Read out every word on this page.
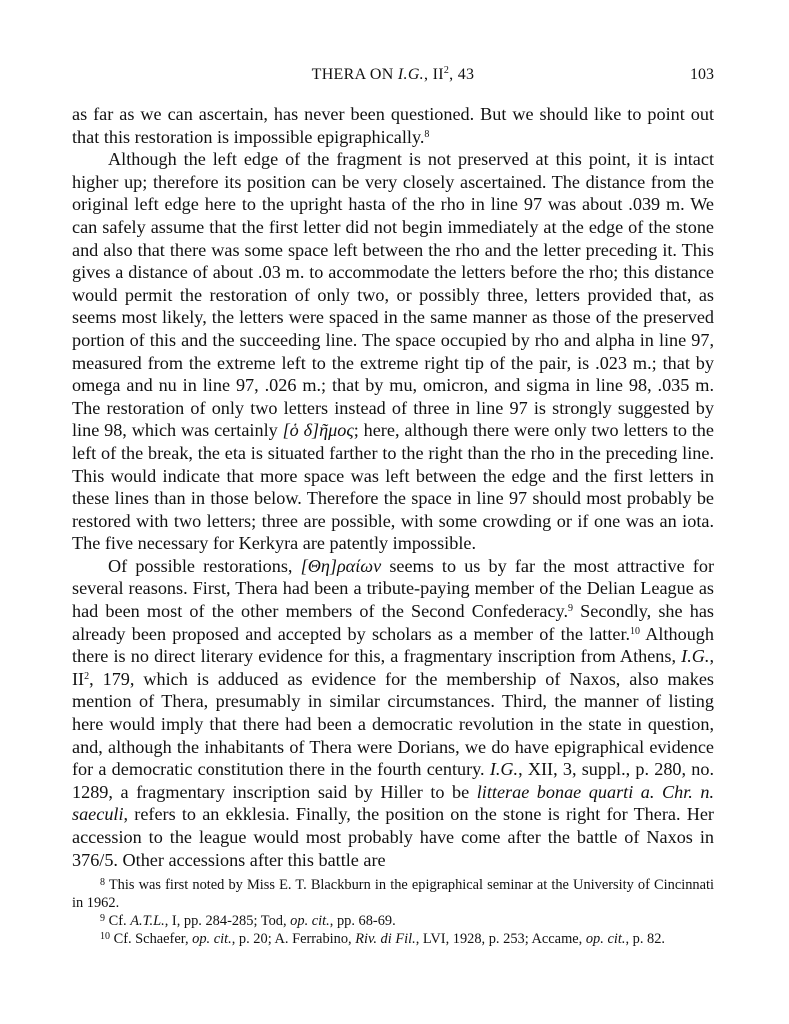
THERA ON I.G., $II^2$, 43	103

as far as we can ascertain, has never been questioned. But we should like to point out that this restoration is impossible epigraphically.$^8$

Although the left edge of the fragment is not preserved at this point, it is intact higher up; therefore its position can be very closely ascertained. The distance from the original left edge here to the upright hasta of the rho in line 97 was about .039 m. We can safely assume that the first letter did not begin immediately at the edge of the stone and also that there was some space left between the rho and the letter preceding it. This gives a distance of about .03 m. to accommodate the letters before the rho; this distance would permit the restoration of only two, or possibly three, letters provided that, as seems most likely, the letters were spaced in the same manner as those of the preserved portion of this and the succeeding line. The space occupied by rho and alpha in line 97, measured from the extreme left to the extreme right tip of the pair, is .023 m.; that by omega and nu in line 97, .026 m.; that by mu, omicron, and sigma in line 98, .035 m. The restoration of only two letters instead of three in line 97 is strongly suggested by line 98, which was certainly [ὁ δ]ῆμος; here, although there were only two letters to the left of the break, the eta is situated farther to the right than the rho in the preceding line. This would indicate that more space was left between the edge and the first letters in these lines than in those below. Therefore the space in line 97 should most probably be restored with two letters; three are possible, with some crowding or if one was an iota. The five necessary for Kerkyra are patently impossible.

Of possible restorations, [Θη]ραίων seems to us by far the most attractive for several reasons. First, Thera had been a tribute-paying member of the Delian League as had been most of the other members of the Second Confederacy.$^9$ Secondly, she has already been proposed and accepted by scholars as a member of the latter.$^{10}$ Although there is no direct literary evidence for this, a fragmentary inscription from Athens, I.G., $II^2$, 179, which is adduced as evidence for the membership of Naxos, also makes mention of Thera, presumably in similar circumstances. Third, the manner of listing here would imply that there had been a democratic revolution in the state in question, and, although the inhabitants of Thera were Dorians, we do have epigraphical evidence for a democratic constitution there in the fourth century. I.G., XII, 3, suppl., p. 280, no. 1289, a fragmentary inscription said by Hiller to be litterae bonae quarti a. Chr. n. saeculi, refers to an ekklesia. Finally, the position on the stone is right for Thera. Her accession to the league would most probably have come after the battle of Naxos in 376/5. Other accessions after this battle are

$^8$ This was first noted by Miss E. T. Blackburn in the epigraphical seminar at the University of Cincinnati in 1962.

$^9$ Cf. A.T.L., I, pp. 284-285; Tod, op. cit., pp. 68-69.

$^{10}$ Cf. Schaefer, op. cit., p. 20; A. Ferrabino, Riv. di Fil., LVI, 1928, p. 253; Accame, op. cit., p. 82.
